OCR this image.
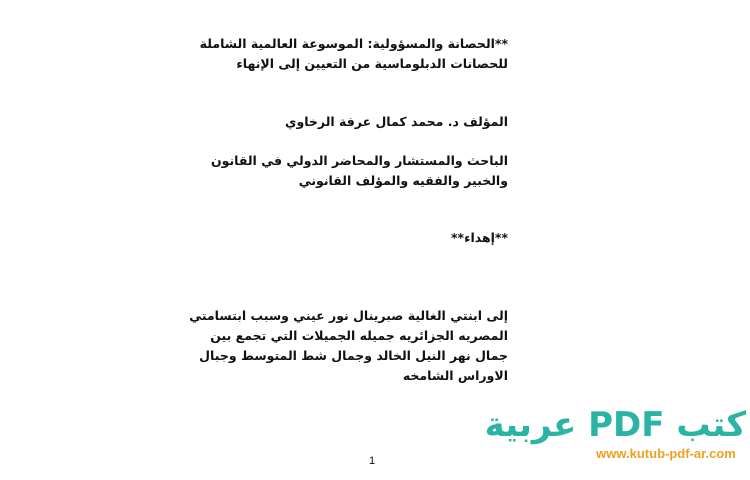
**الحصانة والمسؤولية: الموسوعة العالمية الشاملة
للحصانات الدبلوماسية من التعيين إلى الإنهاء
المؤلف د. محمد كمال عرفة الرخاوي
الباحث والمستشار والمحاضر الدولي في القانون
والخبير والفقيه والمؤلف القانوني
**إهداء**
إلى ابنتي الغالية صبرينال نور عيني وسبب ابتسامتي
المصريه الجزائريه جميله الجميلات التي تجمع بين
جمال نهر النيل الخالد وجمال شط المتوسط وجبال
الاوراس الشامخه
1
كتب PDF عربية
www.kutub-pdf-ar.com
